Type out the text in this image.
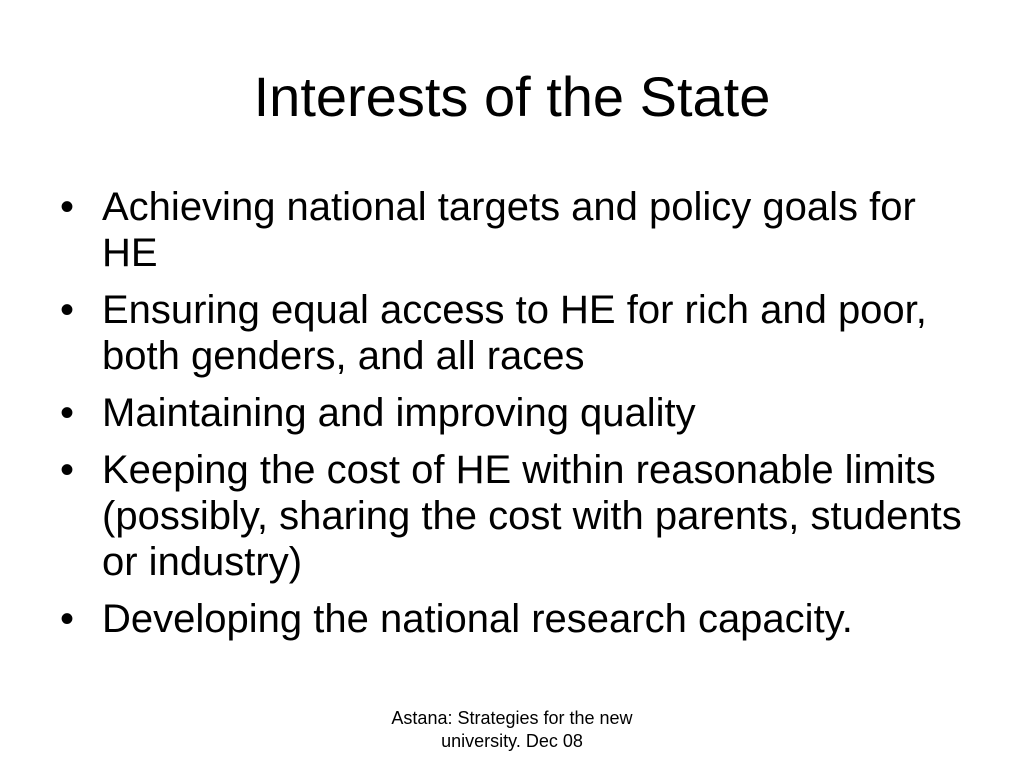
Interests of the State
• Achieving national targets and policy goals for HE
• Ensuring equal access to HE for rich and poor, both genders, and all races
• Maintaining and improving quality
• Keeping the cost of HE within reasonable limits (possibly, sharing the cost with parents, students or industry)
• Developing the national research capacity.
Astana: Strategies for the new
university. Dec 08
